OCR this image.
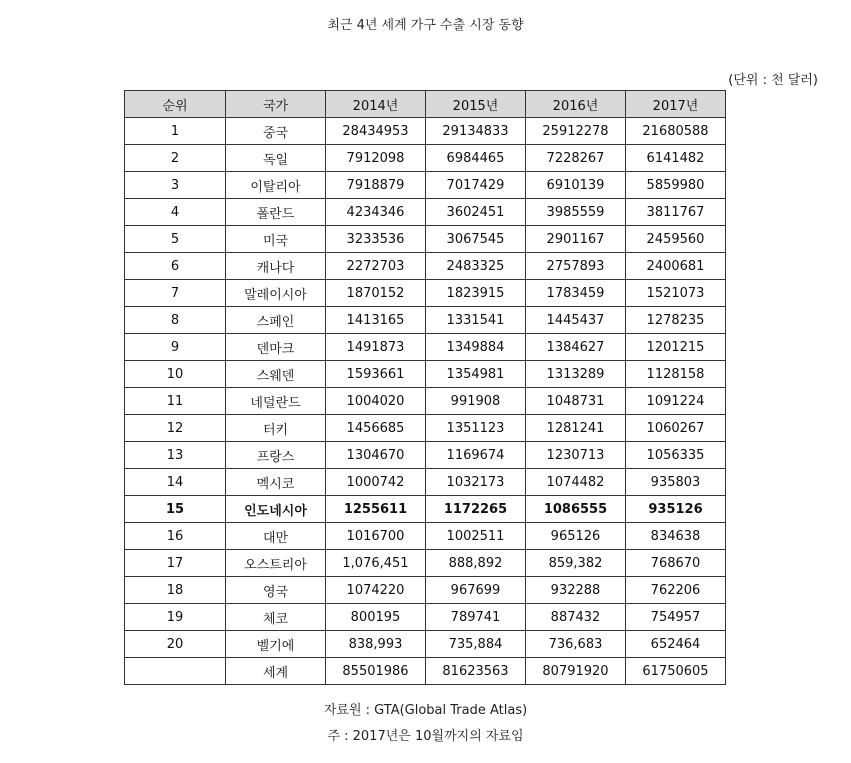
최근 4년 세계 가구 수출 시장 동향
(단위 : 천 달러)
순위	국가	2014년	2015년	2016년	2017년
1	중국	28434953	29134833	25912278	21680588
2	독일	7912098	6984465	7228267	6141482
3	이탈리아	7918879	7017429	6910139	5859980
4	폴란드	4234346	3602451	3985559	3811767
5	미국	3233536	3067545	2901167	2459560
6	캐나다	2272703	2483325	2757893	2400681
7	말레이시아	1870152	1823915	1783459	1521073
8	스페인	1413165	1331541	1445437	1278235
9	덴마크	1491873	1349884	1384627	1201215
10	스웨덴	1593661	1354981	1313289	1128158
11	네덜란드	1004020	991908	1048731	1091224
12	터키	1456685	1351123	1281241	1060267
13	프랑스	1304670	1169674	1230713	1056335
14	멕시코	1000742	1032173	1074482	935803
15	인도네시아	1255611	1172265	1086555	935126
16	대만	1016700	1002511	965126	834638
17	오스트리아	1,076,451	888,892	859,382	768670
18	영국	1074220	967699	932288	762206
19	체코	800195	789741	887432	754957
20	벨기에	838,993	735,884	736,683	652464
	세계	85501986	81623563	80791920	61750605
자료원 : GTA(Global Trade Atlas)
주 : 2017년은 10월까지의 자료임
